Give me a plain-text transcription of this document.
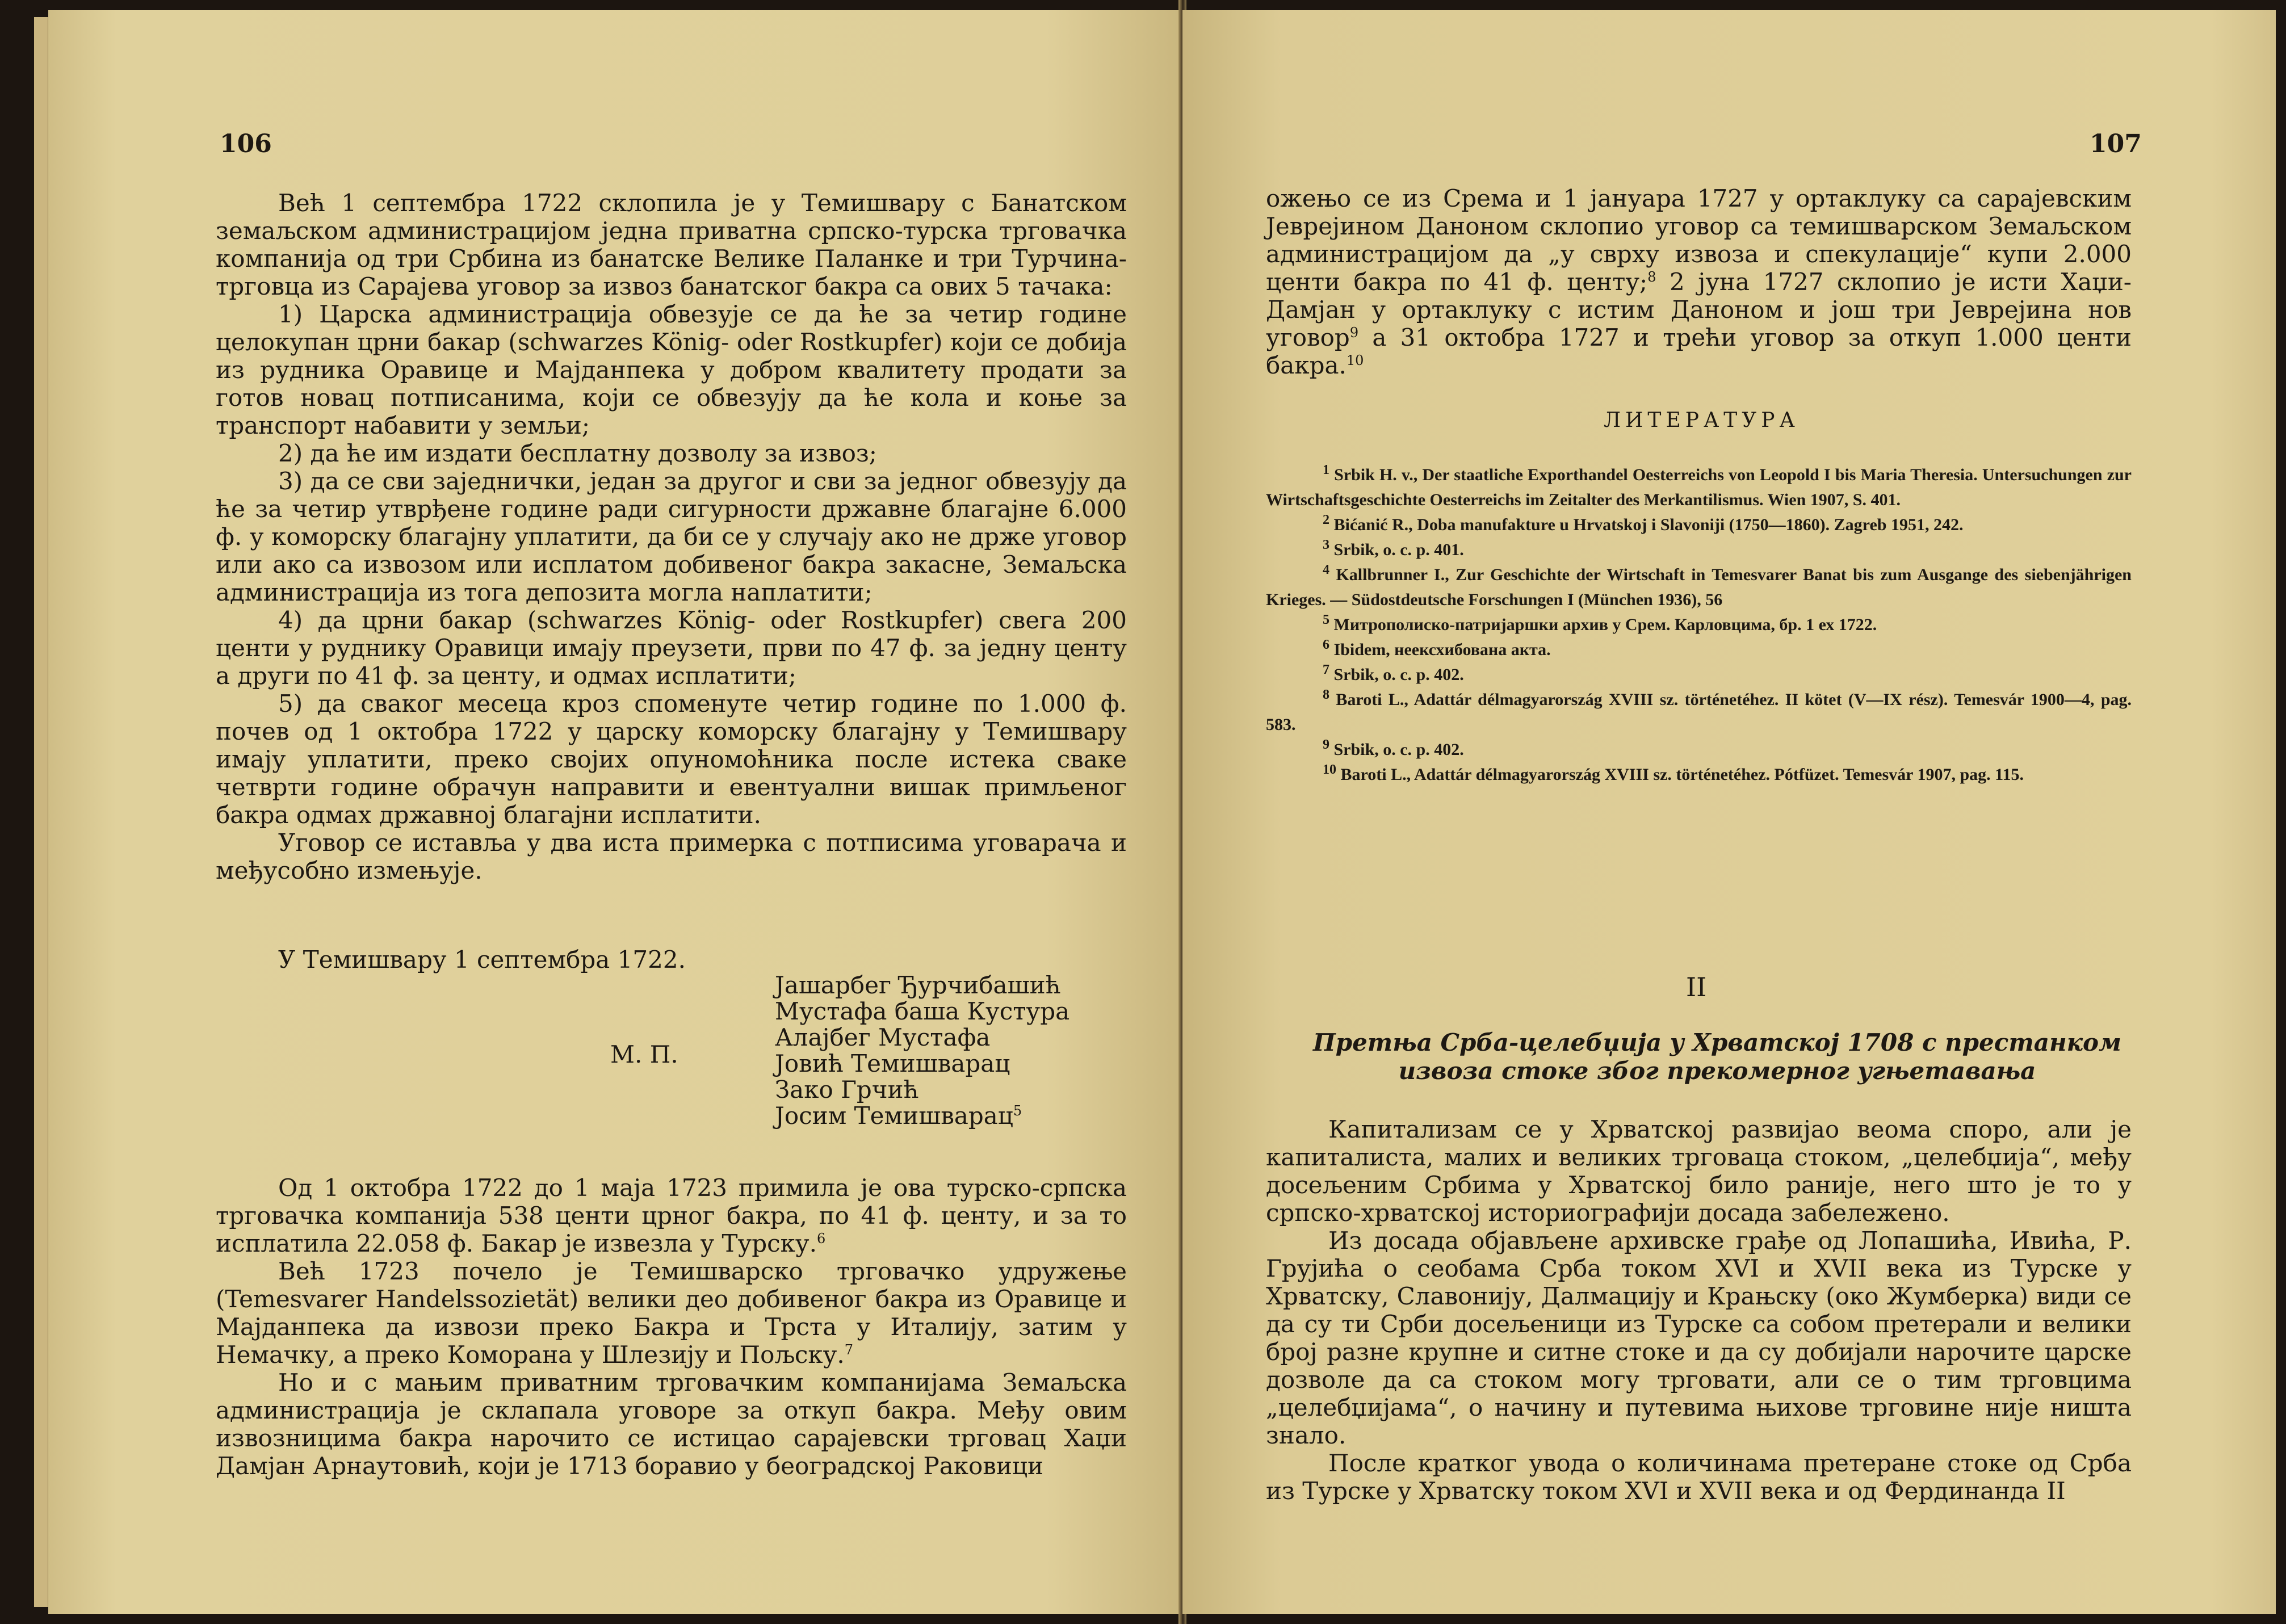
106

Већ 1 септембра 1722 склопила је у Темишвару с Банатском земаљском администрацијом једна приватна српско-турска трговачка компанија од три Србина из банатске Велике Паланке и три Турчина-трговца из Сарајева уговор за извоз банатског бакра са ових 5 тачака:

1) Царска администрација обвезује се да ће за четир године целокупан црни бакар (schwarzes König- oder Rostkupfer) који се добија из рудника Оравице и Мајданпека у добром квалитету продати за готов новац потписанима, који се обвезују да ће кола и коње за транспорт набавити у земљи;

2) да ће им издати бесплатну дозволу за извоз;

3) да се сви заједнички, један за другог и сви за једног обвезују да ће за четир утврђене године ради сигурности државне благајне 6.000 ф. у коморску благајну уплатити, да би се у случају ако не држе уговор или ако са извозом или исплатом добивеног бакра закасне, Земаљска администрација из тога депозита могла наплатити;

4) да црни бакар (schwarzes König- oder Rostkupfer) свега 200 центи у руднику Оравици имају преузети, први по 47 ф. за једну центу а други по 41 ф. за центу, и одмах исплатити;

5) да сваког месеца кроз споменуте четир године по 1.000 ф. почев од 1 октобра 1722 у царску коморску благајну у Темишвару имају уплатити, преко својих опуномоћника после истека сваке четврти године обрачун направити и евентуални вишак примљеног бакра одмах државној благајни исплатити.

Уговор се истављa у два иста примерка с потписима уговарача и међусобно измењује.

У Темишвару 1 септембра 1722.
М. П.
Јашарбег Ђурчибашић
Мустафа баша Кустура
Алајбег Мустафа
Јовић Темишварац
Зако Грчић
Јосим Темишварац$^5$

Од 1 октобра 1722 до 1 маја 1723 примила је ова турско-српска трговачка компанија 538 центи црног бакра, по 41 ф. центу, и за то исплатила 22.058 ф. Бакар је извезла у Турску.$^6$

Већ 1723 почело је Темишварско трговачко удружење (Temesvarer Handelssozietät) велики део добивеног бакра из Оравице и Мајданпека да извози преко Бакра и Трста у Италију, затим у Немачку, а преко Коморана у Шлезију и Пољску.$^7$

Но и с мањим приватним трговачким компанијама Земаљска администрација је склапала уговоре за откуп бакра. Међу овим извозницима бакра нарочито се истицао сарајевски трговац Хаџи Дамјан Арнаутовић, који је 1713 боравио у београдској Раковици

107

ожењо се из Срема и 1 јануара 1727 у ортаклуку са сарајевским Јеврејином Даноном склопио уговор са темишварском Земаљском администрацијом да „у сврху извоза и спекулације“ купи 2.000 центи бакра по 41 ф. центу;$^8$ 2 јуна 1727 склопио је исти Хаџи-Дамјан у ортаклуку с истим Даноном и још три Јеврејина нов уговор$^9$ а 31 октобра 1727 и трећи уговор за откуп 1.000 центи бакра.$^{10}$

ЛИТЕРАТУРА

$^1$ Srbik H. v., Der staatliche Exporthandel Oesterreichs von Leopold I bis Maria Theresia. Untersuchungen zur Wirtschaftsgeschichte Oesterreichs im Zeitalter des Merkantilismus. Wien 1907, S. 401.

$^2$ Bićanić R., Doba manufakture u Hrvatskoj i Slavoniji (1750—1860). Zagreb 1951, 242.

$^3$ Srbik, o. c. p. 401.

$^4$ Kallbrunner I., Zur Geschichte der Wirtschaft in Temesvarer Banat bis zum Ausgange des siebenjährigen Krieges. — Südostdeutsche Forschungen I (München 1936), 56

$^5$ Митрополиско-патријаршки архив у Срем. Карловцима, бр. 1 ех 1722.

$^6$ Ibidem, неексхибована акта.

$^7$ Srbik, o. c. p. 402.

$^8$ Baroti L., Adattár délmagyarország XVIII sz. történetéhez. II kötet (V—IX rész). Temesvár 1900—4, pag. 583.

$^9$ Srbik, o. c. p. 402.

$^{10}$ Baroti L., Adattár délmagyarország XVIII sz. történetéhez. Pótfüzet. Temesvár 1907, pag. 115.

II
Претња Срба-целебџија у Хрватској 1708 с престанком извоза стоке због прекомерног угњетавања

Капитализам се у Хрватској развијао веома споро, али је капиталиста, малих и великих трговаца стоком, „целебџија“, међу досељеним Србима у Хрватској било раније, него што је то у српско-хрватској историографији досада забележено.

Из досада објављене архивске грађе од Лопашића, Ивића, Р. Грујића о сеобама Срба током XVI и XVII века из Турске у Хрватску, Славонију, Далмацију и Крањску (око Жумберка) види се да су ти Срби досељеници из Турске са собом претерали и велики број разне крупне и ситне стоке и да су добијали нарочите царске дозволе да са стоком могу трговати, али се о тим трговцима „целебџијама“, о начину и путевима њихове трговине није ништа знало.

После кратког увода о количинама претеране стоке од Срба из Турске у Хрватску током XVI и XVII века и од Фердинанда II
